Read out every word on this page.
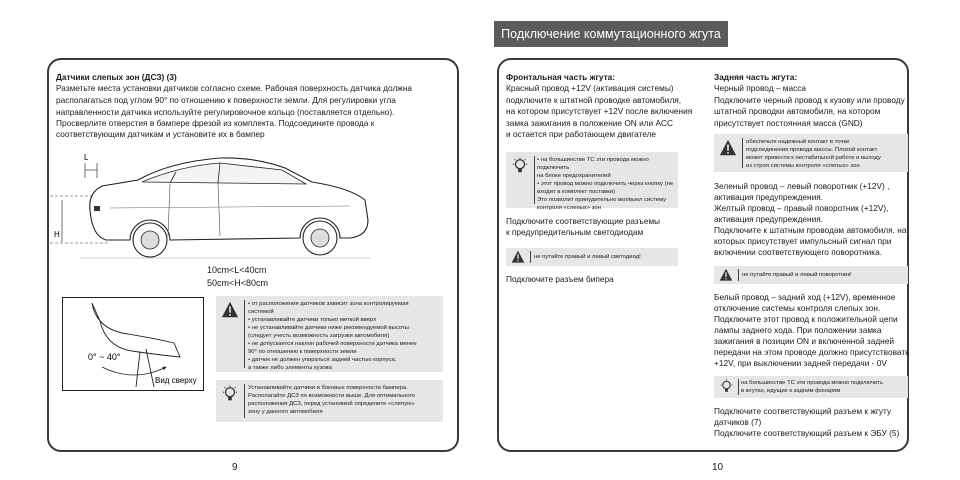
Подключение коммутационного жгута

Датчики слепых зон (ДСЗ) (3)

Разметьте места установки датчиков согласно схеме. Рабочая поверхность датчика должна

располагаться под углом 90° по отношению к поверхности земли. Для регулировки угла

направленности датчика используйте регулировочное кольцо (поставляется отдельно).

Просверлите отверстия в бампере фрезой из комплекта. Подсоедините провода к

соответствующим датчикам и установите их в бампер

L
H

10cm<L<40cm

50cm<H<80cm

0° ~ 40°
Вид сверху
• от расположения датчиков зависит зона контролируемая
системой
• устанавливайте датчики только меткой вверх
• не устанавливайте датчики ниже рекомендуемой высоты
(следует учесть возможность загрузки автомобиля)
• не допускается наклон рабочей поверхности датчика менее
90° по отношению к поверхности земли
• датчик не должен упираться задней частью корпуса,
а также либо элементы кузова
Устанавливайте датчики в боковые поверхности бампера.
Располагайте ДСЗ по возможности выше. Для оптимального
расположения ДСЗ, перед установкой определите «слепую»
зону у данного автомобиля
9

Фронтальная часть жгута:

Красный провод +12V (активация системы)

подключите к штатной проводке автомобиля,

на котором присутствует +12V после включения

замка зажигания в положение ON или ACC

и остается при работающем двигателе

• на большинстве ТС эти провода можно подключить
на блоке предохранителей
• этот провод можно подключить через кнопку (не
входит в комплект поставки)
Это позволит принудительно вкл/выкл систему
контроля «слепых» зон

Подключите соответствующие разъемы

к предупредительным светодиодам

не путайте правый и левый светодиод!

Подключите разъем бипера

Задняя часть жгута:

Черный провод – масса

Подключите черный провод к кузову или проводу

штатной проводки автомобиля, на котором

присутствует постоянная масса (GND)

обеспечьте надежный контакт в точке
подсоединения провода массы. Плохой контакт
может привести к нестабильной работе и выходу
из строя системы контроля «слепых» зон

Зеленый провод – левый поворотник (+12V) ,

активация предупреждения.

Желтый провод – правый поворотник (+12V),

активация предупреждения.

Подключите к штатным проводам автомобиля, на

которых присутствует импульсный сигнал при

включении соответствующего поворотника.

не путайте правый и левый поворотник!

Белый провод – задний ход (+12V), временное

отключение системы контроля слепых зон.

Подключите этот провод к положительной цепи

лампы заднего хода. При положении замка

зажигания в позиции ON и включенной задней

передачи на этом проводе должно присутствовать

+12V, при выключении задней передачи - 0V

на большинстве ТС эти провода можно подключить
в жгутах, идущих к задним фонарям

Подключите соответствующий разъем к жгуту

датчиков (7)

Подключите соответствующий разъем к ЭБУ (5)

10
